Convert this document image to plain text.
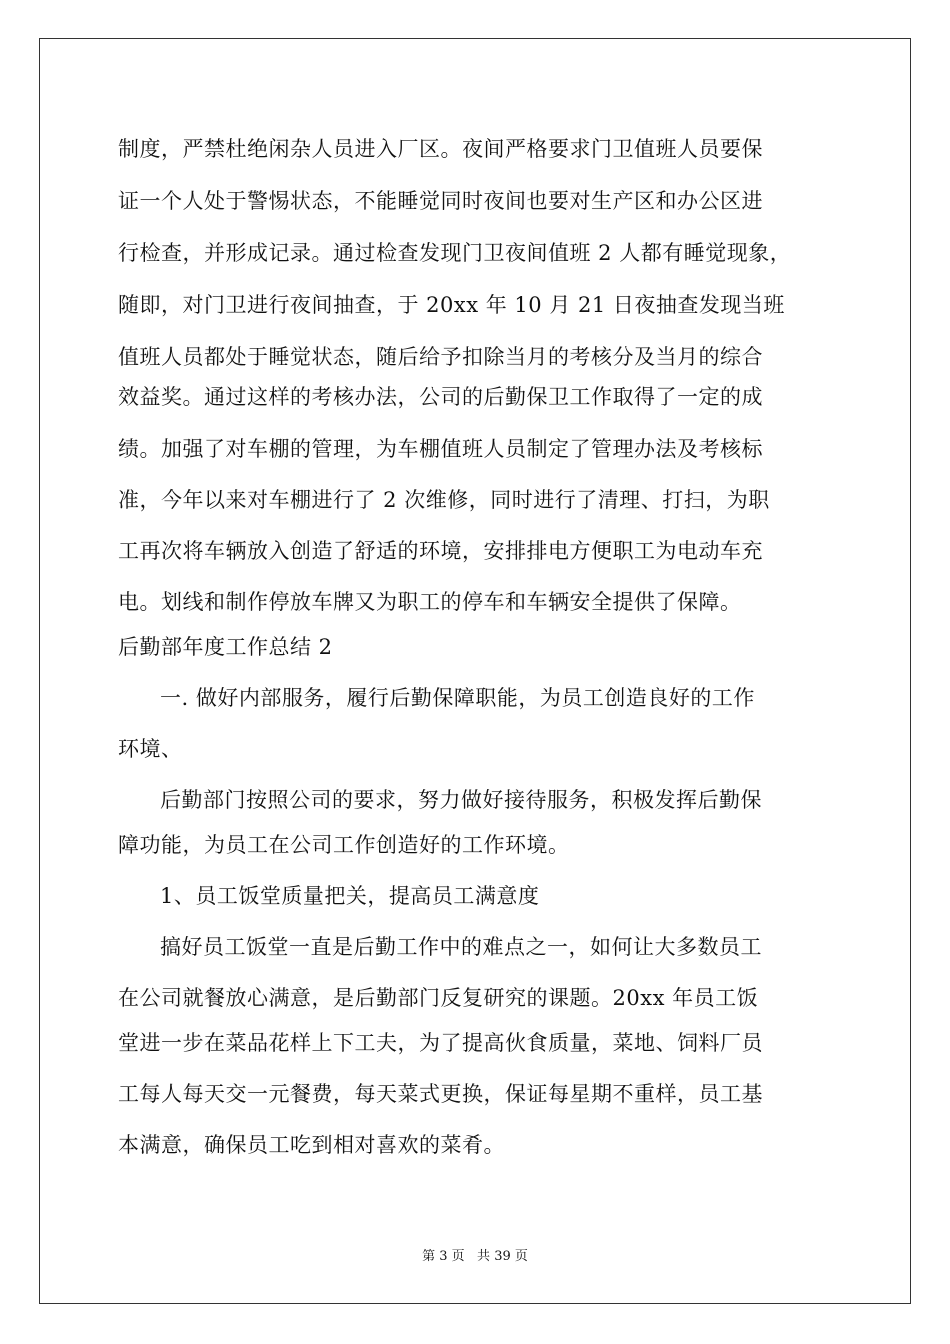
制度，严禁杜绝闲杂人员进入厂区。夜间严格要求门卫值班人员要保
证一个人处于警惕状态，不能睡觉同时夜间也要对生产区和办公区进
行检查，并形成记录。通过检查发现门卫夜间值班 2 人都有睡觉现象，
随即，对门卫进行夜间抽查，于 20xx 年 10 月 21 日夜抽查发现当班
值班人员都处于睡觉状态，随后给予扣除当月的考核分及当月的综合
效益奖。通过这样的考核办法，公司的后勤保卫工作取得了一定的成
绩。加强了对车棚的管理，为车棚值班人员制定了管理办法及考核标
准，今年以来对车棚进行了 2 次维修，同时进行了清理、打扫，为职
工再次将车辆放入创造了舒适的环境，安排排电方便职工为电动车充
电。划线和制作停放车牌又为职工的停车和车辆安全提供了保障。
后勤部年度工作总结 2
一. 做好内部服务，履行后勤保障职能，为员工创造良好的工作
环境、
后勤部门按照公司的要求，努力做好接待服务，积极发挥后勤保
障功能，为员工在公司工作创造好的工作环境。
1、员工饭堂质量把关，提高员工满意度
搞好员工饭堂一直是后勤工作中的难点之一，如何让大多数员工
在公司就餐放心满意，是后勤部门反复研究的课题。20xx 年员工饭
堂进一步在菜品花样上下工夫，为了提高伙食质量，菜地、饲料厂员
工每人每天交一元餐费，每天菜式更换，保证每星期不重样，员工基
本满意，确保员工吃到相对喜欢的菜肴。
第 3 页   共 39 页
